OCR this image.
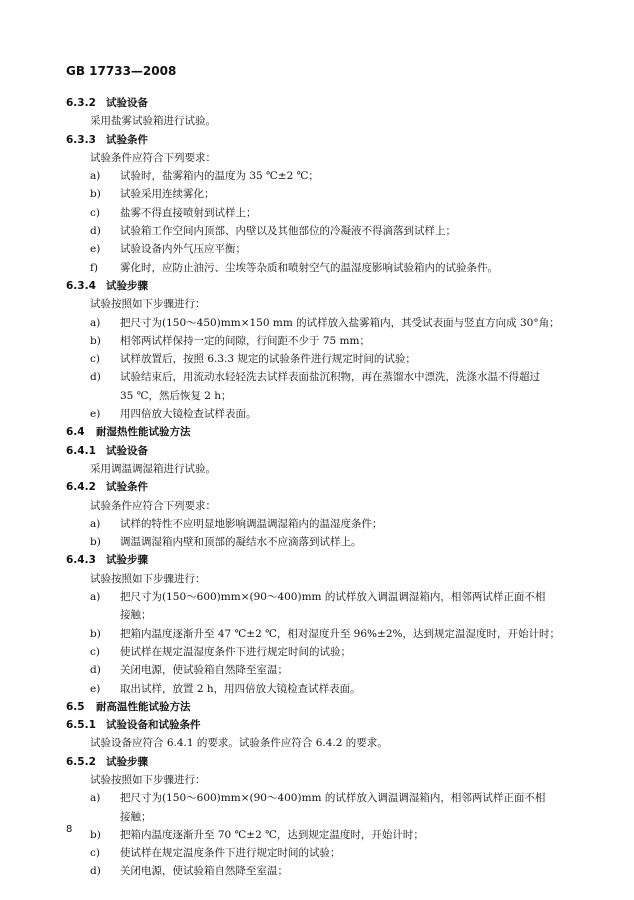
GB 17733—2008
6.3.2 试验设备
采用盐雾试验箱进行试验。
6.3.3 试验条件
试验条件应符合下列要求：
a) 试验时，盐雾箱内的温度为 35 ℃±2 ℃；
b) 试验采用连续雾化；
c) 盐雾不得直接喷射到试样上；
d) 试验箱工作空间内顶部、内壁以及其他部位的冷凝液不得滴落到试样上；
e) 试验设备内外气压应平衡；
f) 雾化时，应防止油污、尘埃等杂质和喷射空气的温湿度影响试验箱内的试验条件。
6.3.4 试验步骤
试验按照如下步骤进行：
a) 把尺寸为(150～450)mm×150 mm 的试样放入盐雾箱内，其受试表面与竖直方向成 30°角；
b) 相邻两试样保持一定的间隙，行间距不少于 75 mm；
c) 试样放置后，按照 6.3.3 规定的试验条件进行规定时间的试验；
d) 试验结束后，用流动水轻轻洗去试样表面盐沉积物，再在蒸馏水中漂洗，洗涤水温不得超过
35 ℃，然后恢复 2 h；
e) 用四倍放大镜检查试样表面。
6.4 耐湿热性能试验方法
6.4.1 试验设备
采用调温调湿箱进行试验。
6.4.2 试验条件
试验条件应符合下列要求：
a) 试样的特性不应明显地影响调温调湿箱内的温湿度条件；
b) 调温调湿箱内壁和顶部的凝结水不应滴落到试样上。
6.4.3 试验步骤
试验按照如下步骤进行：
a) 把尺寸为(150～600)mm×(90～400)mm 的试样放入调温调湿箱内，相邻两试样正面不相
接触；
b) 把箱内温度逐渐升至 47 ℃±2 ℃，相对湿度升至 96%±2%，达到规定温湿度时，开始计时；
c) 使试样在规定温湿度条件下进行规定时间的试验；
d) 关闭电源，使试验箱自然降至室温；
e) 取出试样，放置 2 h，用四倍放大镜检查试样表面。
6.5 耐高温性能试验方法
6.5.1 试验设备和试验条件
试验设备应符合 6.4.1 的要求。试验条件应符合 6.4.2 的要求。
6.5.2 试验步骤
试验按照如下步骤进行：
a) 把尺寸为(150～600)mm×(90～400)mm 的试样放入调温调湿箱内，相邻两试样正面不相
接触；
b) 把箱内温度逐渐升至 70 ℃±2 ℃，达到规定温度时，开始计时；
c) 使试样在规定温度条件下进行规定时间的试验；
d) 关闭电源，使试验箱自然降至室温；
8
